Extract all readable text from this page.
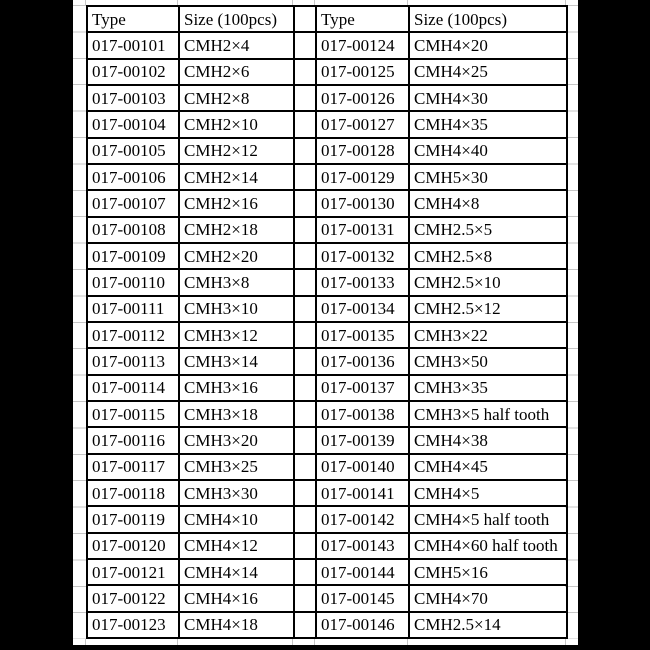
Type	Size (100pcs)		Type	Size (100pcs)
017-00101	CMH2×4		017-00124	CMH4×20
017-00102	CMH2×6		017-00125	CMH4×25
017-00103	CMH2×8		017-00126	CMH4×30
017-00104	CMH2×10		017-00127	CMH4×35
017-00105	CMH2×12		017-00128	CMH4×40
017-00106	CMH2×14		017-00129	CMH5×30
017-00107	CMH2×16		017-00130	CMH4×8
017-00108	CMH2×18		017-00131	CMH2.5×5
017-00109	CMH2×20		017-00132	CMH2.5×8
017-00110	CMH3×8		017-00133	CMH2.5×10
017-00111	CMH3×10		017-00134	CMH2.5×12
017-00112	CMH3×12		017-00135	CMH3×22
017-00113	CMH3×14		017-00136	CMH3×50
017-00114	CMH3×16		017-00137	CMH3×35
017-00115	CMH3×18		017-00138	CMH3×5 half tooth
017-00116	CMH3×20		017-00139	CMH4×38
017-00117	CMH3×25		017-00140	CMH4×45
017-00118	CMH3×30		017-00141	CMH4×5
017-00119	CMH4×10		017-00142	CMH4×5 half tooth
017-00120	CMH4×12		017-00143	CMH4×60 half tooth
017-00121	CMH4×14		017-00144	CMH5×16
017-00122	CMH4×16		017-00145	CMH4×70
017-00123	CMH4×18		017-00146	CMH2.5×14
